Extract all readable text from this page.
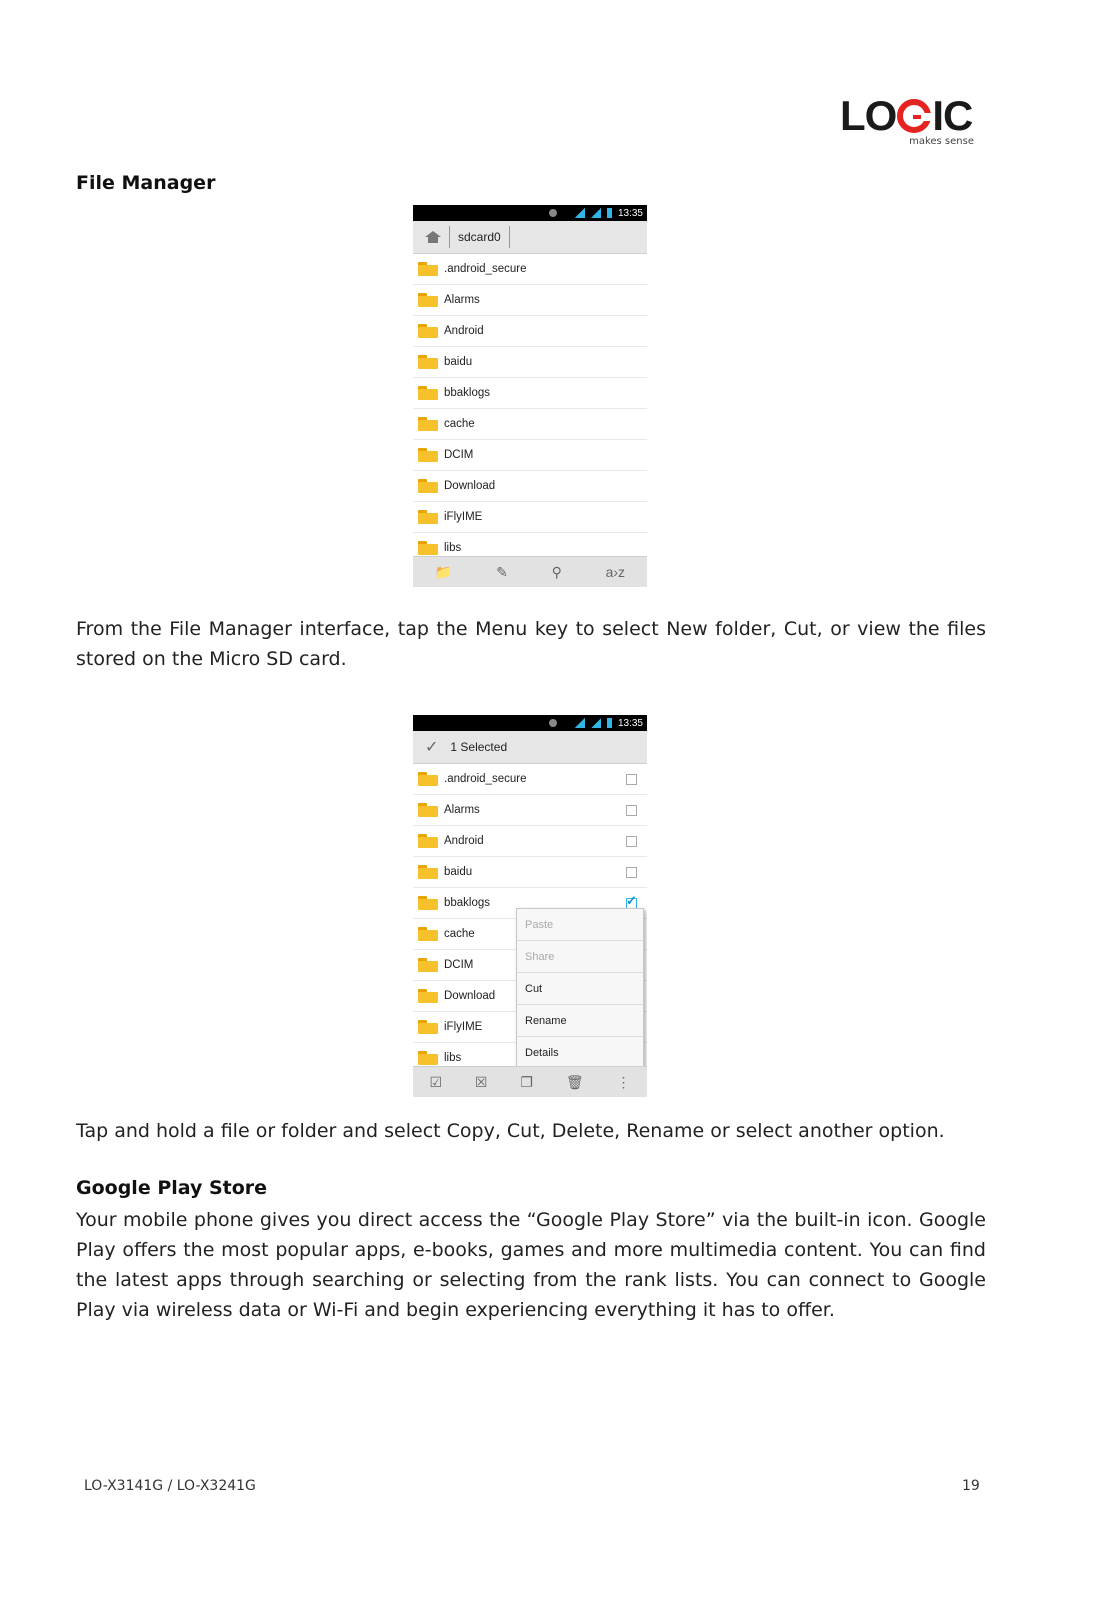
LO IC
makes sense
File Manager
13:35
sdcard0
.android_secure
Alarms
Android
baidu
bbaklogs
cache
DCIM
Download
iFlyIME
libs
📁	✎	⚲	a›z
From the File Manager interface, tap the Menu key to select New folder, Cut, or view the files stored on the Micro SD card.
13:35
✓ 1 Selected
.android_secure
Alarms
Android
baidu
bbaklogs
✓
cache
DCIM
Download
iFlyIME
libs
Paste
Share
Cut
Rename
Details
☑ ☒ ❐ 🗑 ⋮
Tap and hold a file or folder and select Copy, Cut, Delete, Rename or select another option.
Google Play Store
Your mobile phone gives you direct access the “Google Play Store” via the built-in icon. Google Play offers the most popular apps, e-books, games and more multimedia content. You can find the latest apps through searching or selecting from the rank lists. You can connect to Google Play via wireless data or Wi-Fi and begin experiencing everything it has to offer.
LO-X3141G / LO-X3241G	19
